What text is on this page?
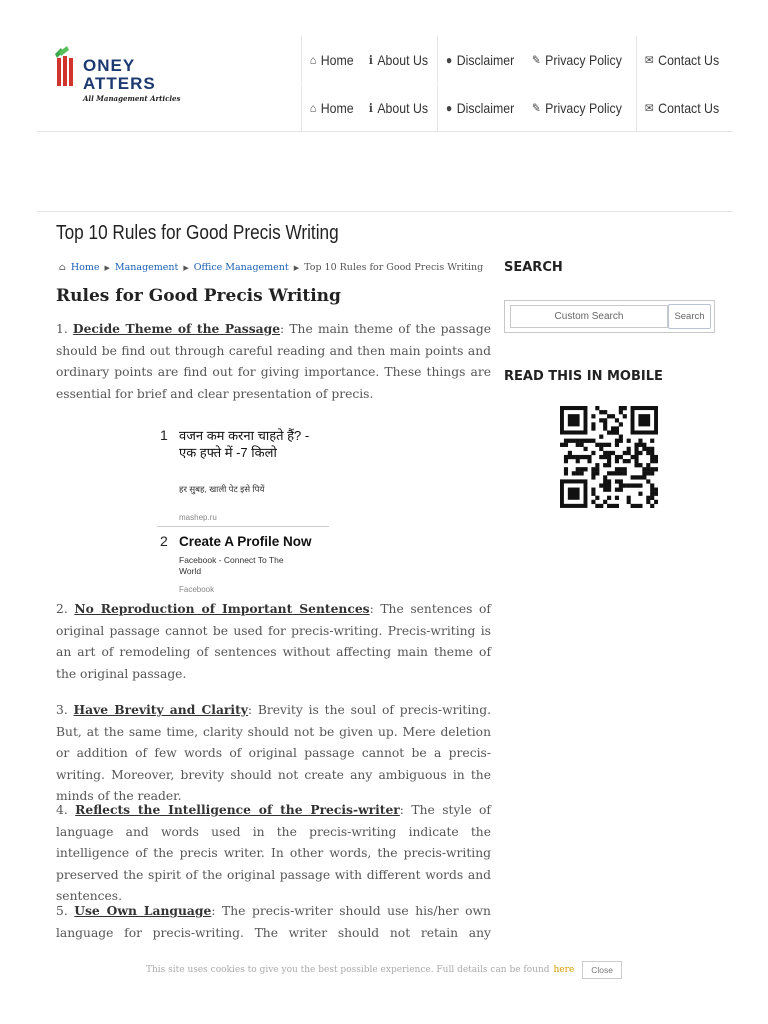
ONEY
ATTERS
All Management Articles
⌂ Home ℹ About Us ● Disclaimer ✎ Privacy Policy ✉ Contact Us
⌂ Home ℹ About Us ● Disclaimer ✎ Privacy Policy ✉ Contact Us
Top 10 Rules for Good Precis Writing
⌂ Home ▶ Management ▶ Office Management ▶ Top 10 Rules for Good Precis Writing
Rules for Good Precis Writing

1. Decide Theme of the Passage: The main theme of the passage should be find out through careful reading and then main points and ordinary points are find out for giving importance. These things are essential for brief and clear presentation of precis.

1 वजन कम करना चाहते हैं? - एक हफ्ते में -7 किलो
हर सुबह, खाली पेट इसे पियें
mashep.ru
2 Create A Profile Now
Facebook - Connect To The World
Facebook

2. No Reproduction of Important Sentences: The sentences of original passage cannot be used for precis-writing. Precis-writing is an art of remodeling of sentences without affecting main theme of the original passage.

3. Have Brevity and Clarity: Brevity is the soul of precis-writing. But, at the same time, clarity should not be given up. Mere deletion or addition of few words of original passage cannot be a precis-writing. Moreover, brevity should not create any ambiguous in the minds of the reader.

4. Reflects the Intelligence of the Precis-writer: The style of language and words used in the precis-writing indicate the intelligence of the precis writer. In other words, the precis-writing preserved the spirit of the original passage with different words and sentences.

5. Use Own Language: The precis-writer should use his/her own language for precis-writing. The writer should not retain any

SEARCH
Custom Search	Search
READ THIS IN MOBILE
This site uses cookies to give you the best possible experience. Full details can be found here	Close
